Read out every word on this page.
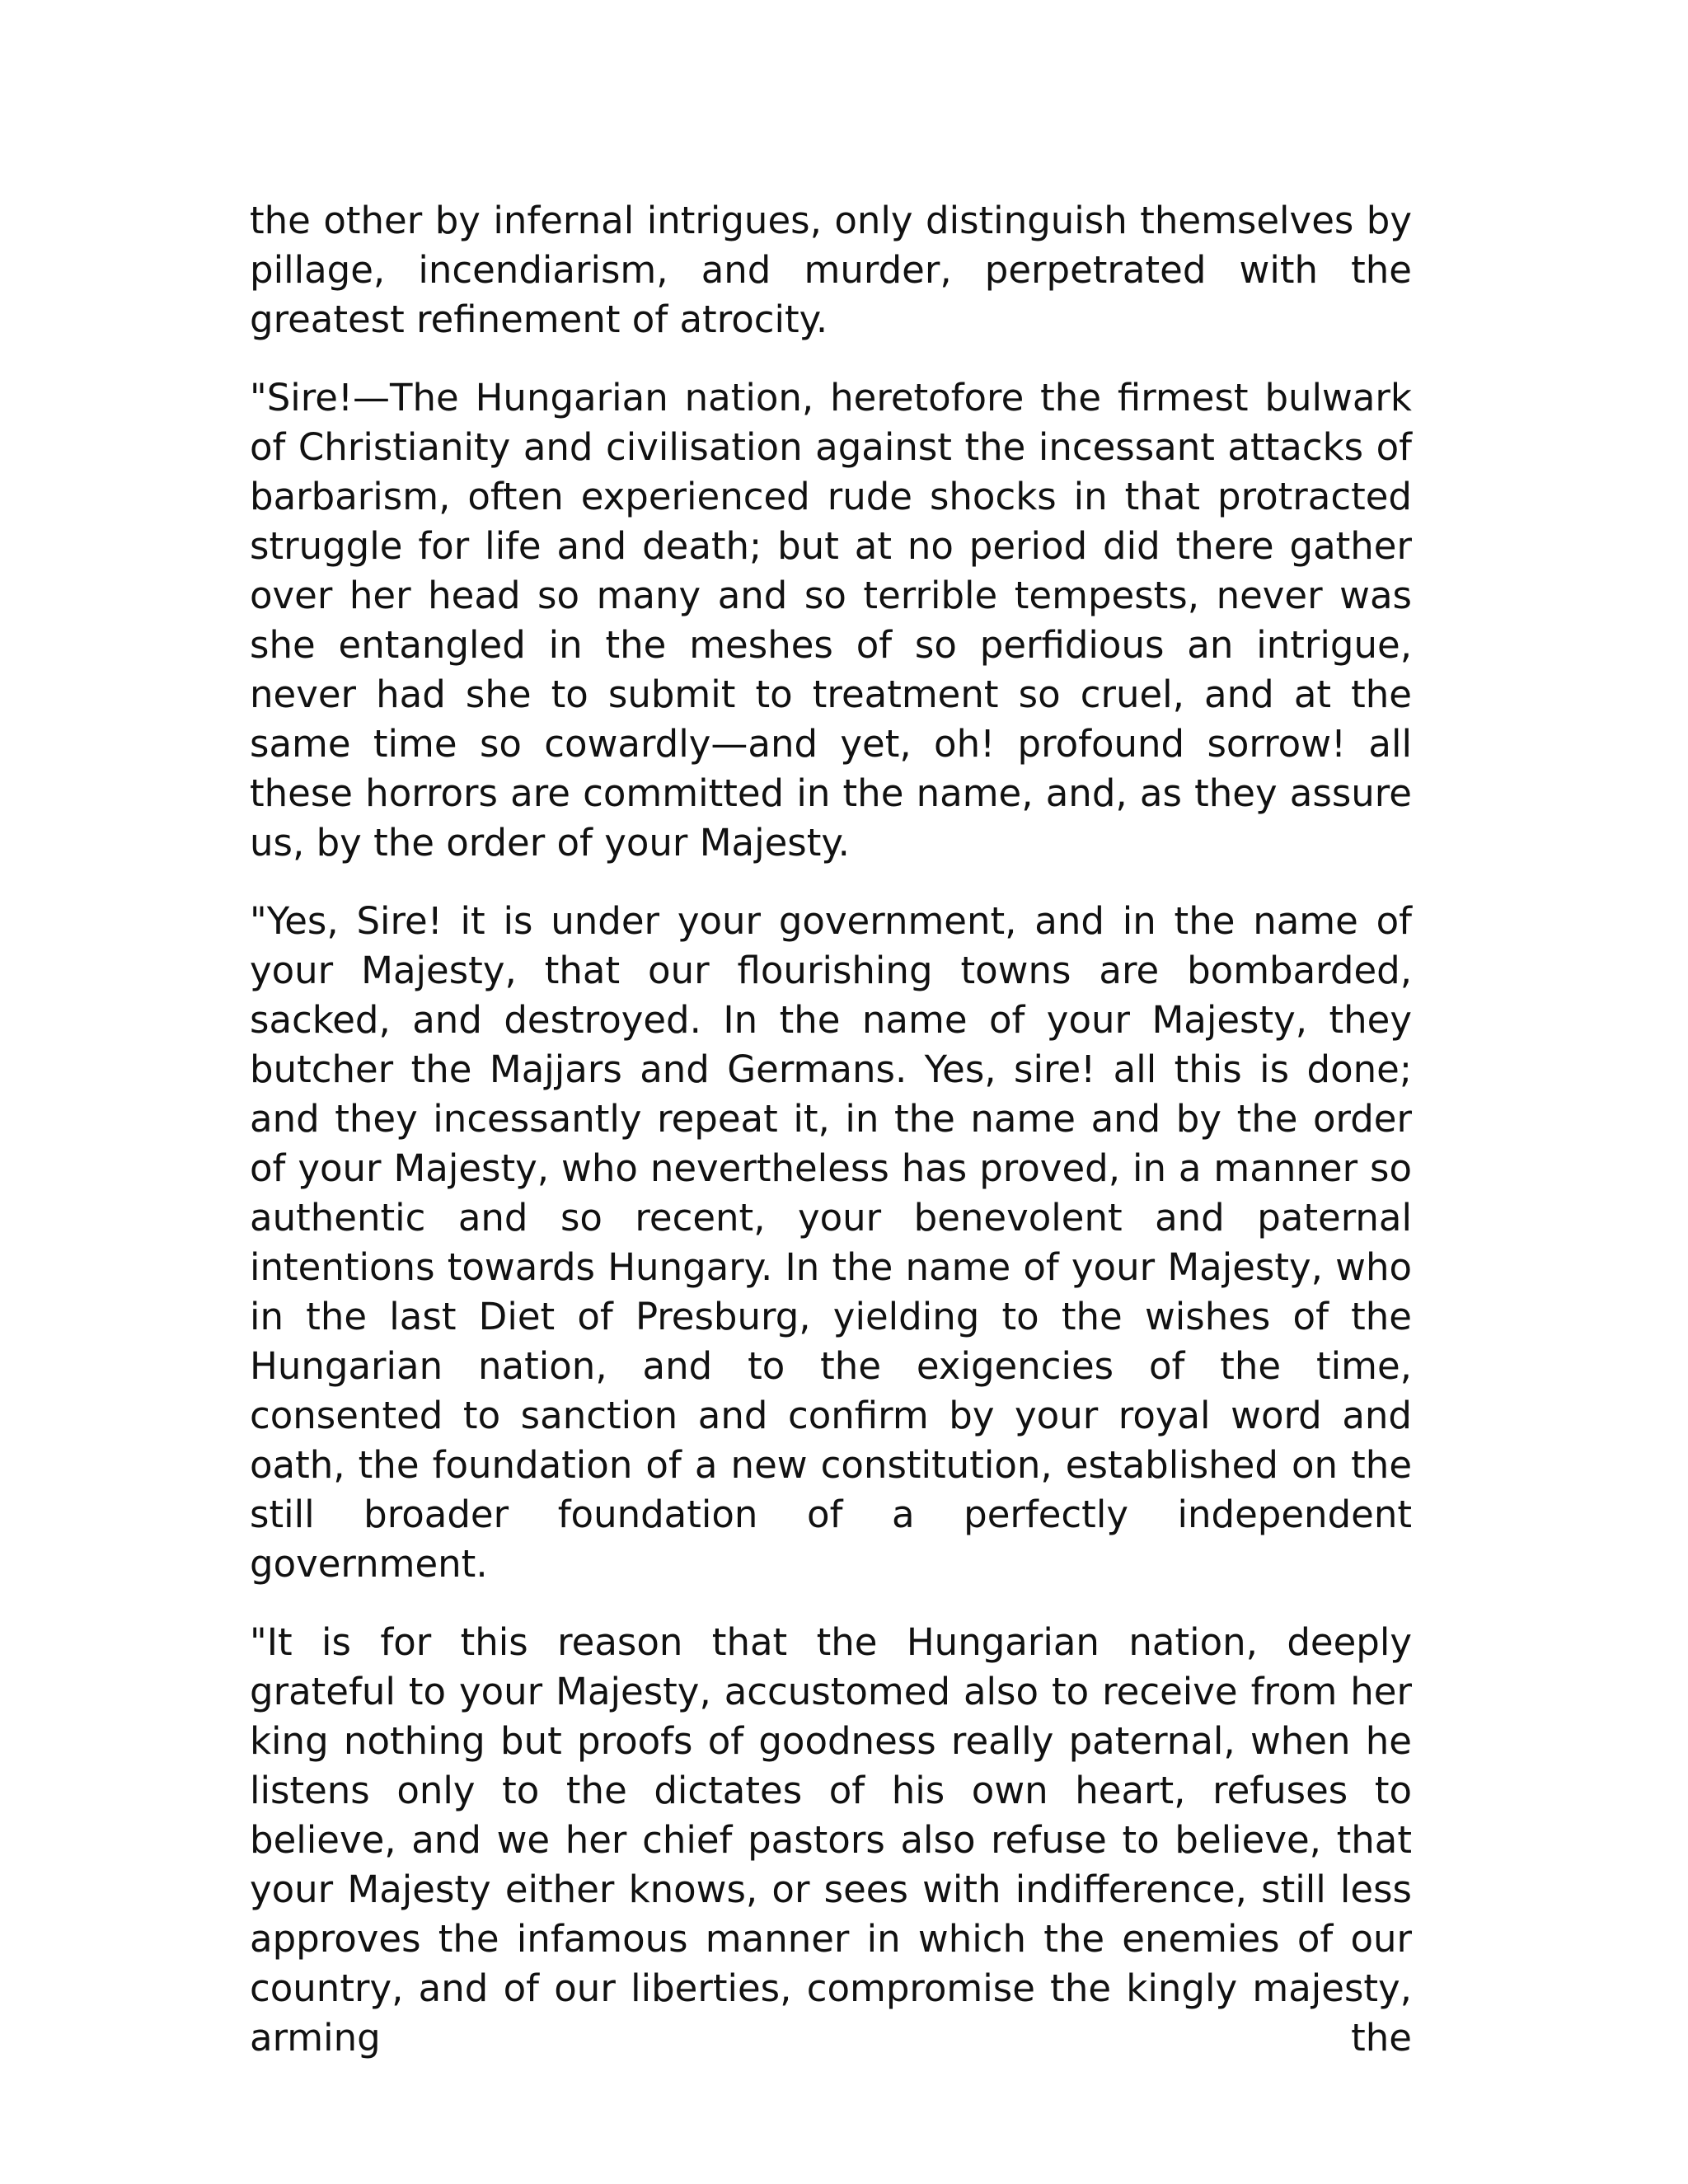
the other by infernal intrigues, only distinguish themselves by pillage, incendiarism, and murder, perpetrated with the greatest refinement of atrocity.

"Sire!—The Hungarian nation, heretofore the firmest bulwark of Christianity and civilisation against the incessant attacks of barbarism, often experienced rude shocks in that protracted struggle for life and death; but at no period did there gather over her head so many and so terrible tempests, never was she entangled in the meshes of so perfidious an intrigue, never had she to submit to treatment so cruel, and at the same time so cowardly—and yet, oh! profound sorrow! all these horrors are committed in the name, and, as they assure us, by the order of your Majesty.

"Yes, Sire! it is under your government, and in the name of your Majesty, that our flourishing towns are bombarded, sacked, and destroyed. In the name of your Majesty, they butcher the Majjars and Germans. Yes, sire! all this is done; and they incessantly repeat it, in the name and by the order of your Majesty, who nevertheless has proved, in a manner so authentic and so recent, your benevolent and paternal intentions towards Hungary. In the name of your Majesty, who in the last Diet of Presburg, yielding to the wishes of the Hungarian nation, and to the exigencies of the time, consented to sanction and confirm by your royal word and oath, the foundation of a new constitution, established on the still broader foundation of a perfectly independent government.

"It is for this reason that the Hungarian nation, deeply grateful to your Majesty, accustomed also to receive from her king nothing but proofs of goodness really paternal, when he listens only to the dictates of his own heart, refuses to believe, and we her chief pastors also refuse to believe, that your Majesty either knows, or sees with indifference, still less approves the infamous manner in which the enemies of our country, and of our liberties, compromise the kingly majesty, arming the
